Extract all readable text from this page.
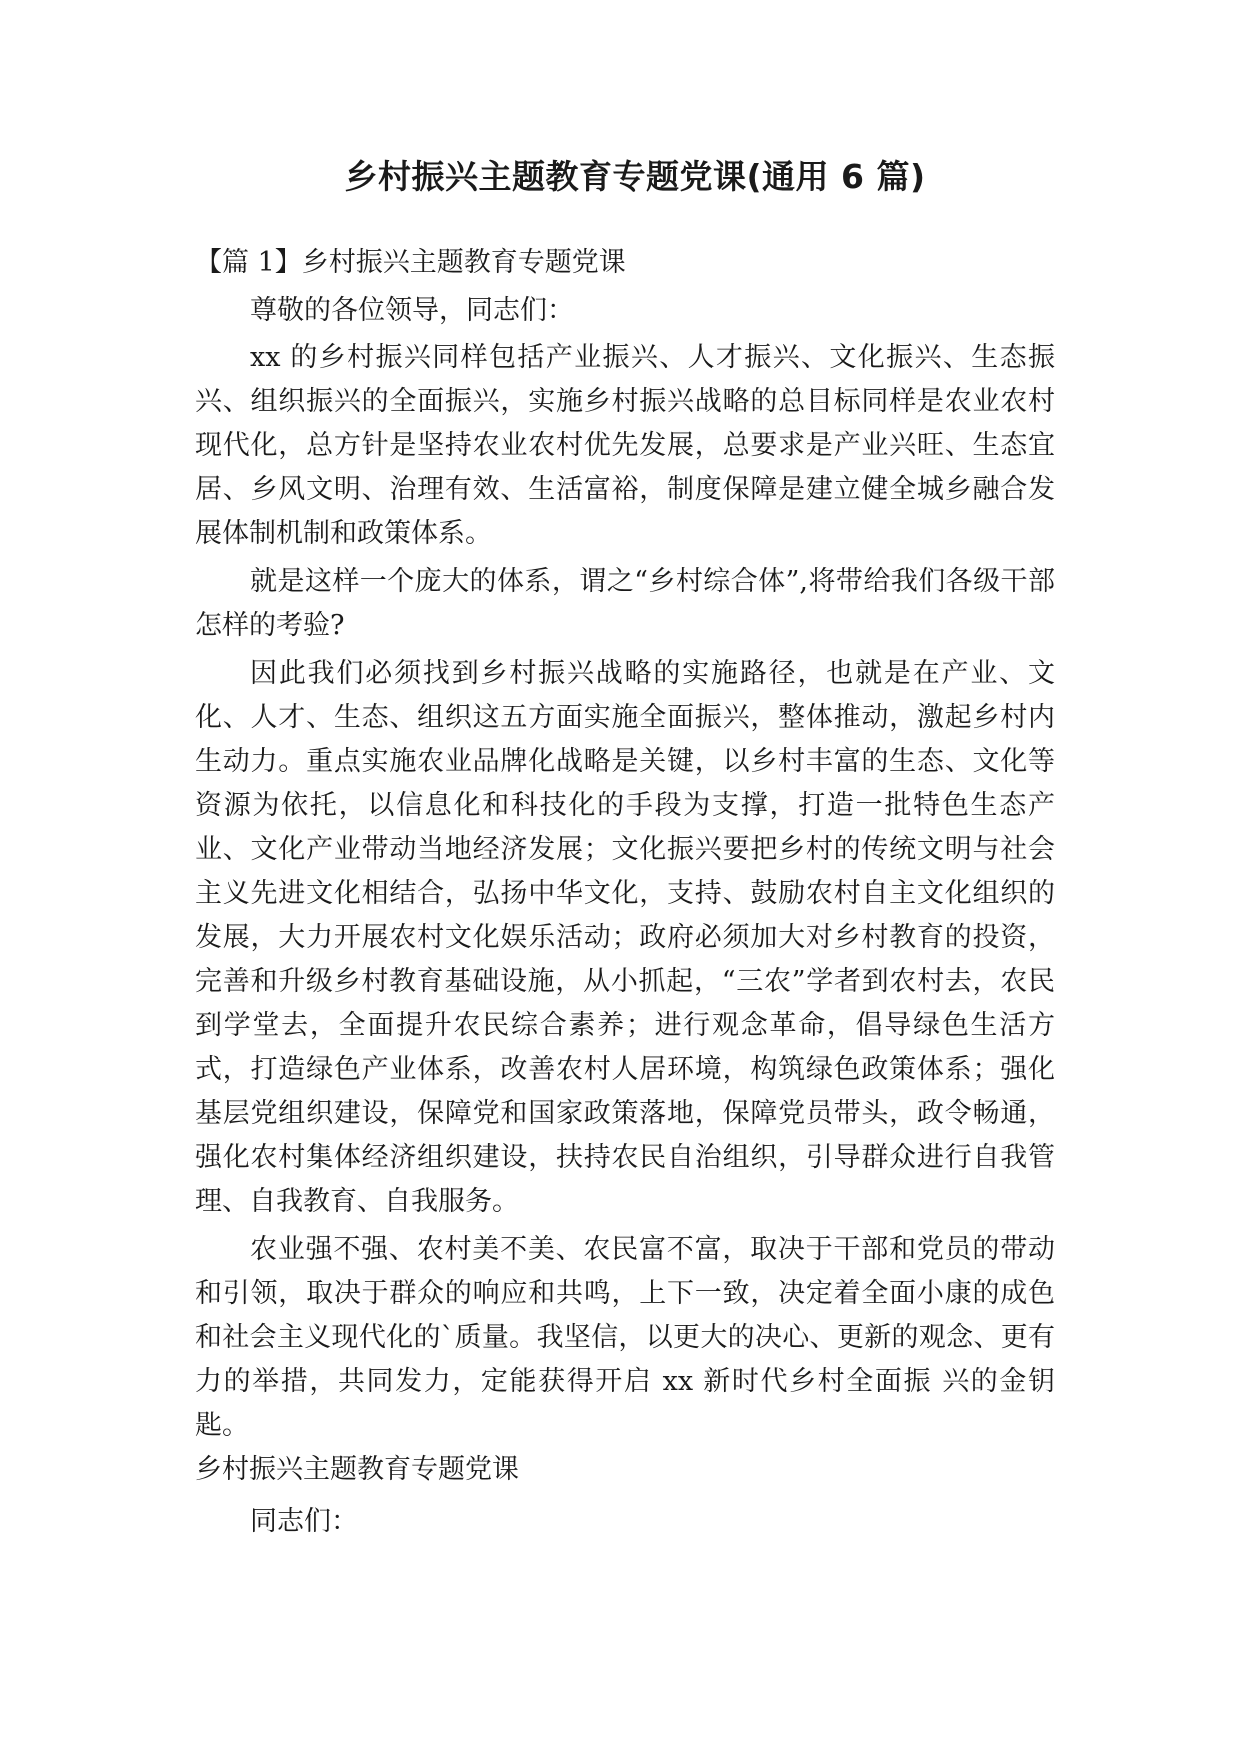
乡村振兴主题教育专题党课(通用 6 篇)
【篇 1】乡村振兴主题教育专题党课
尊敬的各位领导，同志们：

xx 的乡村振兴同样包括产业振兴、人才振兴、文化振兴、生态振兴、组织振兴的全面振兴，实施乡村振兴战略的总目标同样是农业农村现代化，总方针是坚持农业农村优先发展，总要求是产业兴旺、生态宜居、乡风文明、治理有效、生活富裕，制度保障是建立健全城乡融合发展体制机制和政策体系。

就是这样一个庞大的体系，谓之“乡村综合体”,将带给我们各级干部怎样的考验?

因此我们必须找到乡村振兴战略的实施路径，也就是在产业、文化、人才、生态、组织这五方面实施全面振兴，整体推动，激起乡村内生动力。重点实施农业品牌化战略是关键，以乡村丰富的生态、文化等资源为依托，以信息化和科技化的手段为支撑，打造一批特色生态产业、文化产业带动当地经济发展；文化振兴要把乡村的传统文明与社会主义先进文化相结合，弘扬中华文化，支持、鼓励农村自主文化组织的发展，大力开展农村文化娱乐活动；政府必须加大对乡村教育的投资，完善和升级乡村教育基础设施，从小抓起，“三农”学者到农村去，农民到学堂去，全面提升农民综合素养；进行观念革命，倡导绿色生活方式，打造绿色产业体系，改善农村人居环境，构筑绿色政策体系；强化基层党组织建设，保障党和国家政策落地，保障党员带头，政令畅通，强化农村集体经济组织建设，扶持农民自治组织，引导群众进行自我管理、自我教育、自我服务。

农业强不强、农村美不美、农民富不富，取决于干部和党员的带动和引领，取决于群众的响应和共鸣，上下一致，决定着全面小康的成色和社会主义现代化的`质量。我坚信，以更大的决心、更新的观念、更有力的举措，共同发力，定能获得开启 xx 新时代乡村全面振 兴的金钥匙。

乡村振兴主题教育专题党课
同志们：
